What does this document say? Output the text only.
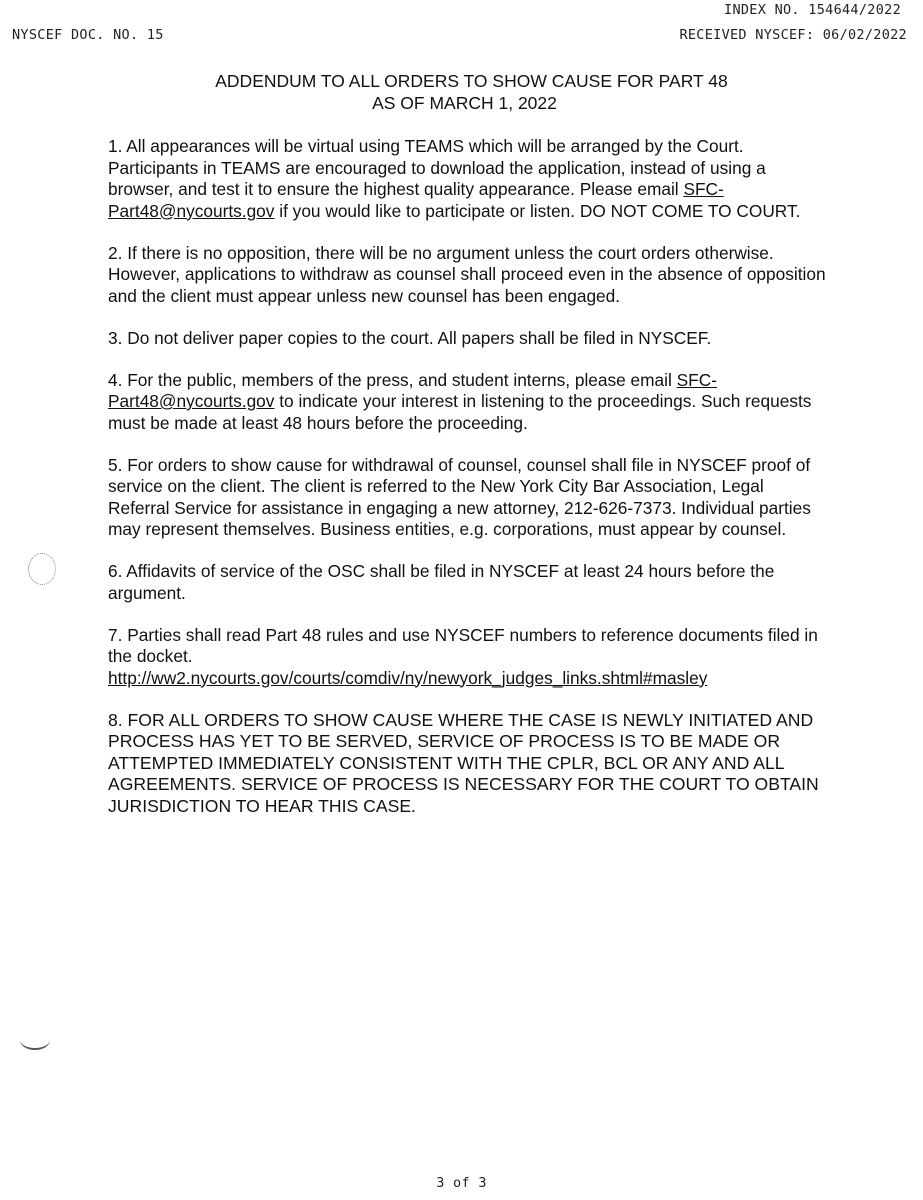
INDEX NO. 154644/2022
NYSCEF DOC. NO. 15	RECEIVED NYSCEF: 06/02/2022
ADDENDUM TO ALL ORDERS TO SHOW CAUSE FOR PART 48
AS OF MARCH 1, 2022

1. All appearances will be virtual using TEAMS which will be arranged by the Court. Participants in TEAMS are encouraged to download the application, instead of using a browser, and test it to ensure the highest quality appearance. Please email SFC-Part48@nycourts.gov if you would like to participate or listen. DO NOT COME TO COURT.

2. If there is no opposition, there will be no argument unless the court orders otherwise. However, applications to withdraw as counsel shall proceed even in the absence of opposition and the client must appear unless new counsel has been engaged.

3. Do not deliver paper copies to the court. All papers shall be filed in NYSCEF.

4. For the public, members of the press, and student interns, please email SFC-Part48@nycourts.gov to indicate your interest in listening to the proceedings. Such requests must be made at least 48 hours before the proceeding.

5. For orders to show cause for withdrawal of counsel, counsel shall file in NYSCEF proof of service on the client. The client is referred to the New York City Bar Association, Legal Referral Service for assistance in engaging a new attorney, 212-626-7373. Individual parties may represent themselves. Business entities, e.g. corporations, must appear by counsel.

6. Affidavits of service of the OSC shall be filed in NYSCEF at least 24 hours before the argument.

7. Parties shall read Part 48 rules and use NYSCEF numbers to reference documents filed in the docket.
http://ww2.nycourts.gov/courts/comdiv/ny/newyork_judges_links.shtml#masley

8. FOR ALL ORDERS TO SHOW CAUSE WHERE THE CASE IS NEWLY INITIATED AND PROCESS HAS YET TO BE SERVED, SERVICE OF PROCESS IS TO BE MADE OR ATTEMPTED IMMEDIATELY CONSISTENT WITH THE CPLR, BCL OR ANY AND ALL AGREEMENTS. SERVICE OF PROCESS IS NECESSARY FOR THE COURT TO OBTAIN JURISDICTION TO HEAR THIS CASE.

3 of 3
